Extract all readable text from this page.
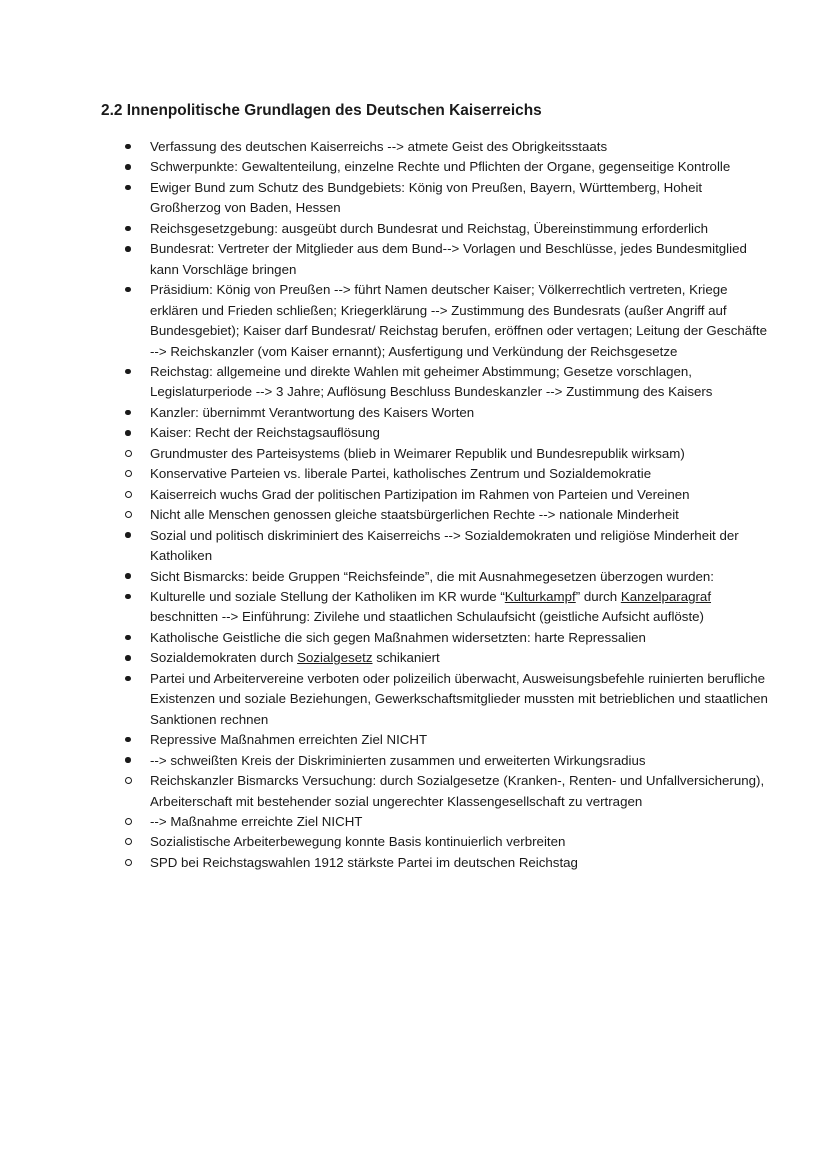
2.2 Innenpolitische Grundlagen des Deutschen Kaiserreichs
Verfassung des deutschen Kaiserreichs --> atmete Geist des Obrigkeitsstaats
Schwerpunkte: Gewaltenteilung, einzelne Rechte und Pflichten der Organe, gegenseitige Kontrolle
Ewiger Bund zum Schutz des Bundgebiets: König von Preußen, Bayern, Württemberg, Hoheit Großherzog von Baden, Hessen
Reichsgesetzgebung: ausgeübt durch Bundesrat und Reichstag, Übereinstimmung erforderlich
Bundesrat: Vertreter der Mitglieder aus dem Bund--> Vorlagen und Beschlüsse, jedes Bundesmitglied kann Vorschläge bringen
Präsidium: König von Preußen --> führt Namen deutscher Kaiser; Völkerrechtlich vertreten, Kriege erklären und Frieden schließen; Kriegerklärung --> Zustimmung des Bundesrats (außer Angriff auf Bundesgebiet); Kaiser darf Bundesrat/ Reichstag berufen, eröffnen oder vertagen; Leitung der Geschäfte --> Reichskanzler (vom Kaiser ernannt); Ausfertigung und Verkündung der Reichsgesetze
Reichstag: allgemeine und direkte Wahlen mit geheimer Abstimmung; Gesetze vorschlagen, Legislaturperiode --> 3 Jahre; Auflösung Beschluss Bundeskanzler --> Zustimmung des Kaisers
Kanzler: übernimmt Verantwortung des Kaisers Worten
Kaiser: Recht der Reichstagsauflösung
Grundmuster des Parteisystems (blieb in Weimarer Republik und Bundesrepublik wirksam)
Konservative Parteien vs. liberale Partei, katholisches Zentrum und Sozialdemokratie
Kaiserreich wuchs Grad der politischen Partizipation im Rahmen von Parteien und Vereinen
Nicht alle Menschen genossen gleiche staatsbürgerlichen Rechte --> nationale Minderheit
Sozial und politisch diskriminiert des Kaiserreichs --> Sozialdemokraten und religiöse Minderheit der Katholiken
Sicht Bismarcks: beide Gruppen “Reichsfeinde”, die mit Ausnahmegesetzen überzogen wurden:
Kulturelle und soziale Stellung der Katholiken im KR wurde “Kulturkampf” durch Kanzelparagraf beschnitten --> Einführung: Zivilehe und staatlichen Schulaufsicht (geistliche Aufsicht auflöste)
Katholische Geistliche die sich gegen Maßnahmen widersetzten: harte Repressalien
Sozialdemokraten durch Sozialgesetz schikaniert
Partei und Arbeitervereine verboten oder polizeilich überwacht, Ausweisungsbefehle ruinierten berufliche Existenzen und soziale Beziehungen, Gewerkschaftsmitglieder mussten mit betrieblichen und staatlichen Sanktionen rechnen
Repressive Maßnahmen erreichten Ziel NICHT
--> schweißten Kreis der Diskriminierten zusammen und erweiterten Wirkungsradius
Reichskanzler Bismarcks Versuchung: durch Sozialgesetze (Kranken-, Renten- und Unfallversicherung), Arbeiterschaft mit bestehender sozial ungerechter Klassengesellschaft zu vertragen
--> Maßnahme erreichte Ziel NICHT
Sozialistische Arbeiterbewegung konnte Basis kontinuierlich verbreiten
SPD bei Reichstagswahlen 1912 stärkste Partei im deutschen Reichstag
